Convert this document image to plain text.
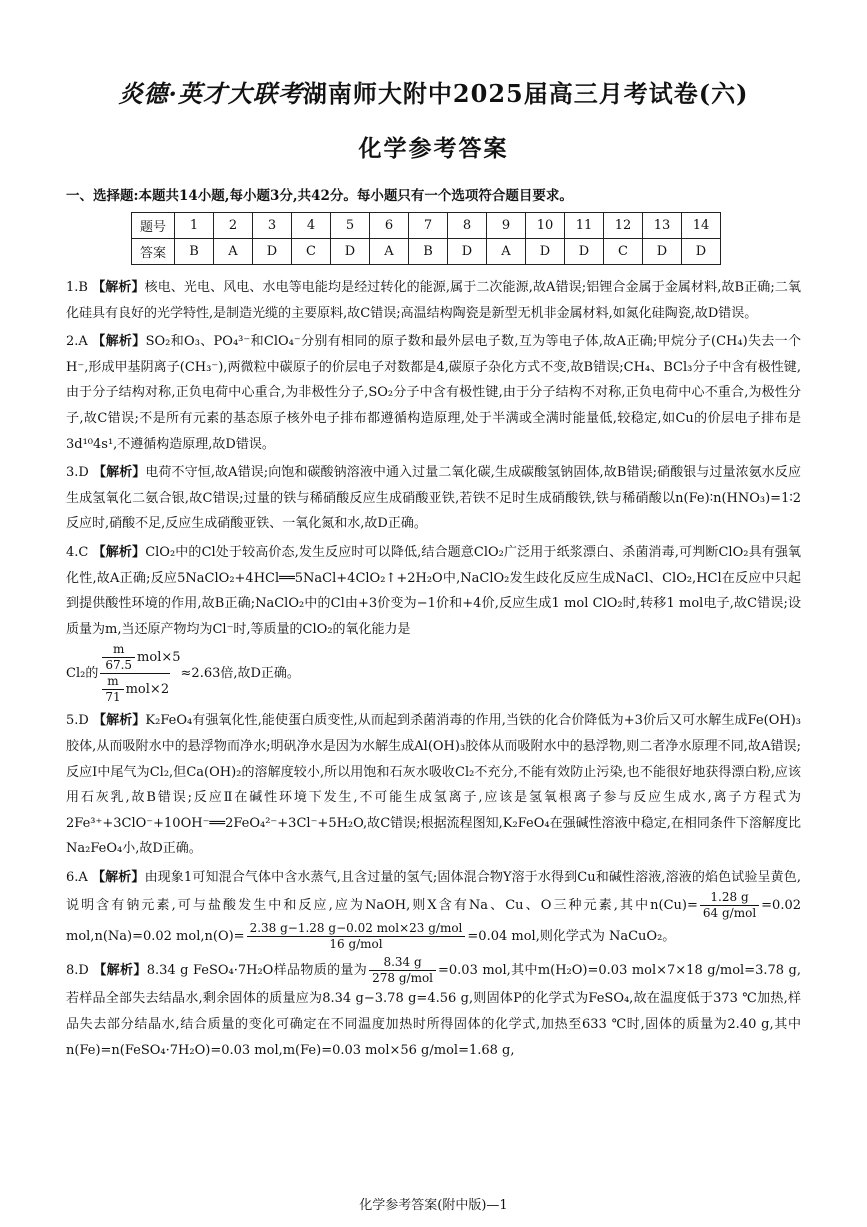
炎德·英才大联考湖南师大附中2025届高三月考试卷(六)
化学参考答案
一、选择题:本题共14小题,每小题3分,共42分。每小题只有一个选项符合题目要求。
题号	1	2	3	4	5	6	7	8	9	10	11	12	13	14
答案	B	A	D	C	D	A	B	D	A	D	D	C	D	D

1.B 【解析】核电、光电、风电、水电等电能均是经过转化的能源,属于二次能源,故A错误;铝锂合金属于金属材料,故B正确;二氧化硅具有良好的光学特性,是制造光缆的主要原料,故C错误;高温结构陶瓷是新型无机非金属材料,如氮化硅陶瓷,故D错误。

2.A 【解析】SO₂和O₃、PO₄³⁻和ClO₄⁻分别有相同的原子数和最外层电子数,互为等电子体,故A正确;甲烷分子(CH₄)失去一个H⁻,形成甲基阴离子(CH₃⁻),两微粒中碳原子的价层电子对数都是4,碳原子杂化方式不变,故B错误;CH₄、BCl₃分子中含有极性键,由于分子结构对称,正负电荷中心重合,为非极性分子,SO₂分子中含有极性键,由于分子结构不对称,正负电荷中心不重合,为极性分子,故C错误;不是所有元素的基态原子核外电子排布都遵循构造原理,处于半满或全满时能量低,较稳定,如Cu的价层电子排布是3d¹⁰4s¹,不遵循构造原理,故D错误。

3.D 【解析】电荷不守恒,故A错误;向饱和碳酸钠溶液中通入过量二氧化碳,生成碳酸氢钠固体,故B错误;硝酸银与过量浓氨水反应生成氢氧化二氨合银,故C错误;过量的铁与稀硝酸反应生成硝酸亚铁,若铁不足时生成硝酸铁,铁与稀硝酸以n(Fe)∶n(HNO₃)=1∶2反应时,硝酸不足,反应生成硝酸亚铁、一氧化氮和水,故D正确。

4.C 【解析】ClO₂中的Cl处于较高价态,发生反应时可以降低,结合题意ClO₂广泛用于纸浆漂白、杀菌消毒,可判断ClO₂具有强氧化性,故A正确;反应5NaClO₂+4HCl══5NaCl+4ClO₂↑+2H₂O中,NaClO₂发生歧化反应生成NaCl、ClO₂,HCl在反应中只起到提供酸性环境的作用,故B正确;NaClO₂中的Cl由+3价变为−1价和+4价,反应生成1 mol ClO₂时,转移1 mol电子,故C错误;设质量为m,当还原产物均为Cl⁻时,等质量的ClO₂的氧化能力是
Cl₂的
$\frac{m}{67.5} mol\times 5$
$\frac{m}{71} mol\times 2$
≈2.63倍,故D正确。

5.D 【解析】K₂FeO₄有强氧化性,能使蛋白质变性,从而起到杀菌消毒的作用,当铁的化合价降低为+3价后又可水解生成Fe(OH)₃胶体,从而吸附水中的悬浮物而净水;明矾净水是因为水解生成Al(OH)₃胶体从而吸附水中的悬浮物,则二者净水原理不同,故A错误;反应Ⅰ中尾气为Cl₂,但Ca(OH)₂的溶解度较小,所以用饱和石灰水吸收Cl₂不充分,不能有效防止污染,也不能很好地获得漂白粉,应该用石灰乳,故B错误;反应Ⅱ在碱性环境下发生,不可能生成氢离子,应该是氢氧根离子参与反应生成水,离子方程式为2Fe³⁺+3ClO⁻+10OH⁻══2FeO₄²⁻+3Cl⁻+5H₂O,故C错误;根据流程图知,K₂FeO₄在强碱性溶液中稳定,在相同条件下溶解度比Na₂FeO₄小,故D正确。

6.A 【解析】由现象1可知混合气体中含水蒸气,且含过量的氢气;固体混合物Y溶于水得到Cu和碱性溶液,溶液的焰色试验呈黄色,说明含有钠元素,可与盐酸发生中和反应,应为NaOH,则X含有Na、Cu、O三种元素,其中$n(Cu)= \frac{1.28 g}{\text{64 g/mol}} =0.02$ mol,n(Na)=0.02 $mol,n(O)= \frac{\text{2.38 g−1.28 g−0.02 mol×23 g/mol}}{\text{16 g/mol}} =0.04$ mol,则化学式为 NaCuO₂。

8.D 【解析】8.34 g FeSO₄·7H₂O样品物质的量为 $\frac{8.34 g}{\text{278 g/mol}} =0.03$ mol,其中m(H₂O)=0.03 mol×7×18 g/mol=3.78 g,若样品全部失去结晶水,剩余固体的质量应为8.34 g−3.78 g=4.56 g,则固体P的化学式为FeSO₄,故在温度低于373 ℃加热,样品失去部分结晶水,结合质量的变化可确定在不同温度加热时所得固体的化学式,加热至633 ℃时,固体的质量为2.40 g,其中n(Fe)=n(FeSO₄·7H₂O)=0.03 mol,m(Fe)=0.03 mol×56 g/mol=1.68 g,

化学参考答案(附中版)—1
